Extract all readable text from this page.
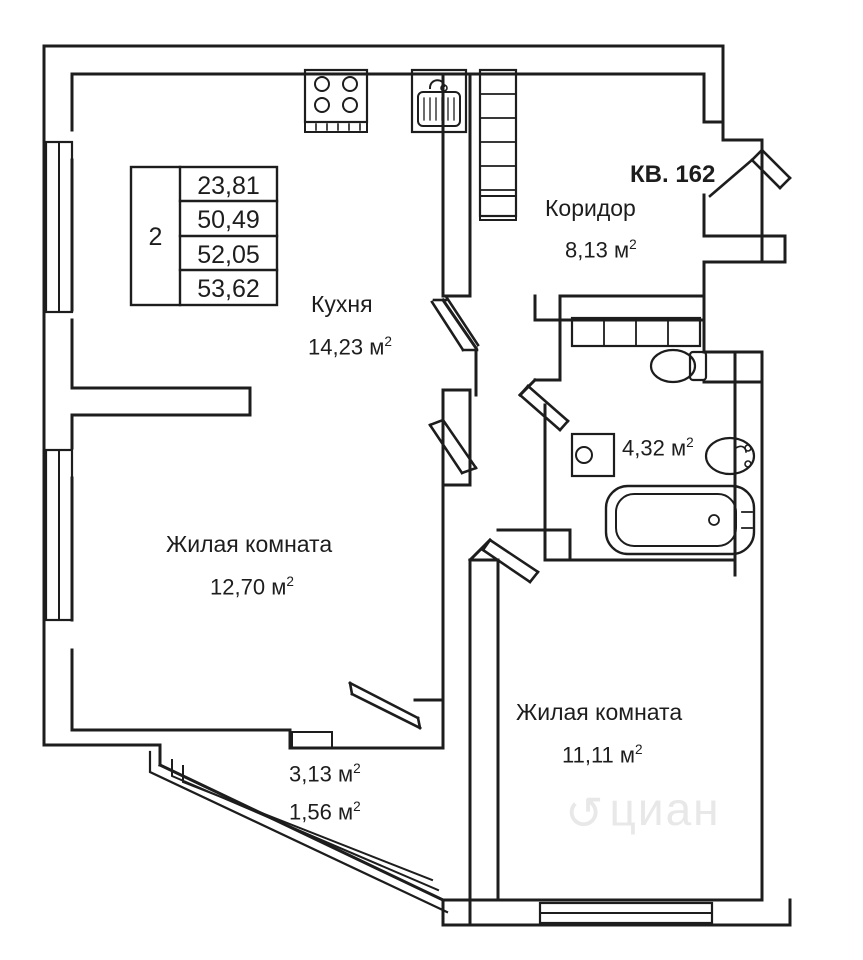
2
23,81
50,49
52,05
53,62
КВ. 162
Коридор
8,13 $м^2$
Кухня
14,23 $м^2$
4,32 $м^2$
Жилая комната
12,70 $м^2$
Жилая комната
11,11 $м^2$
3,13 $м^2$
1,56 $м^2$	↺циан
